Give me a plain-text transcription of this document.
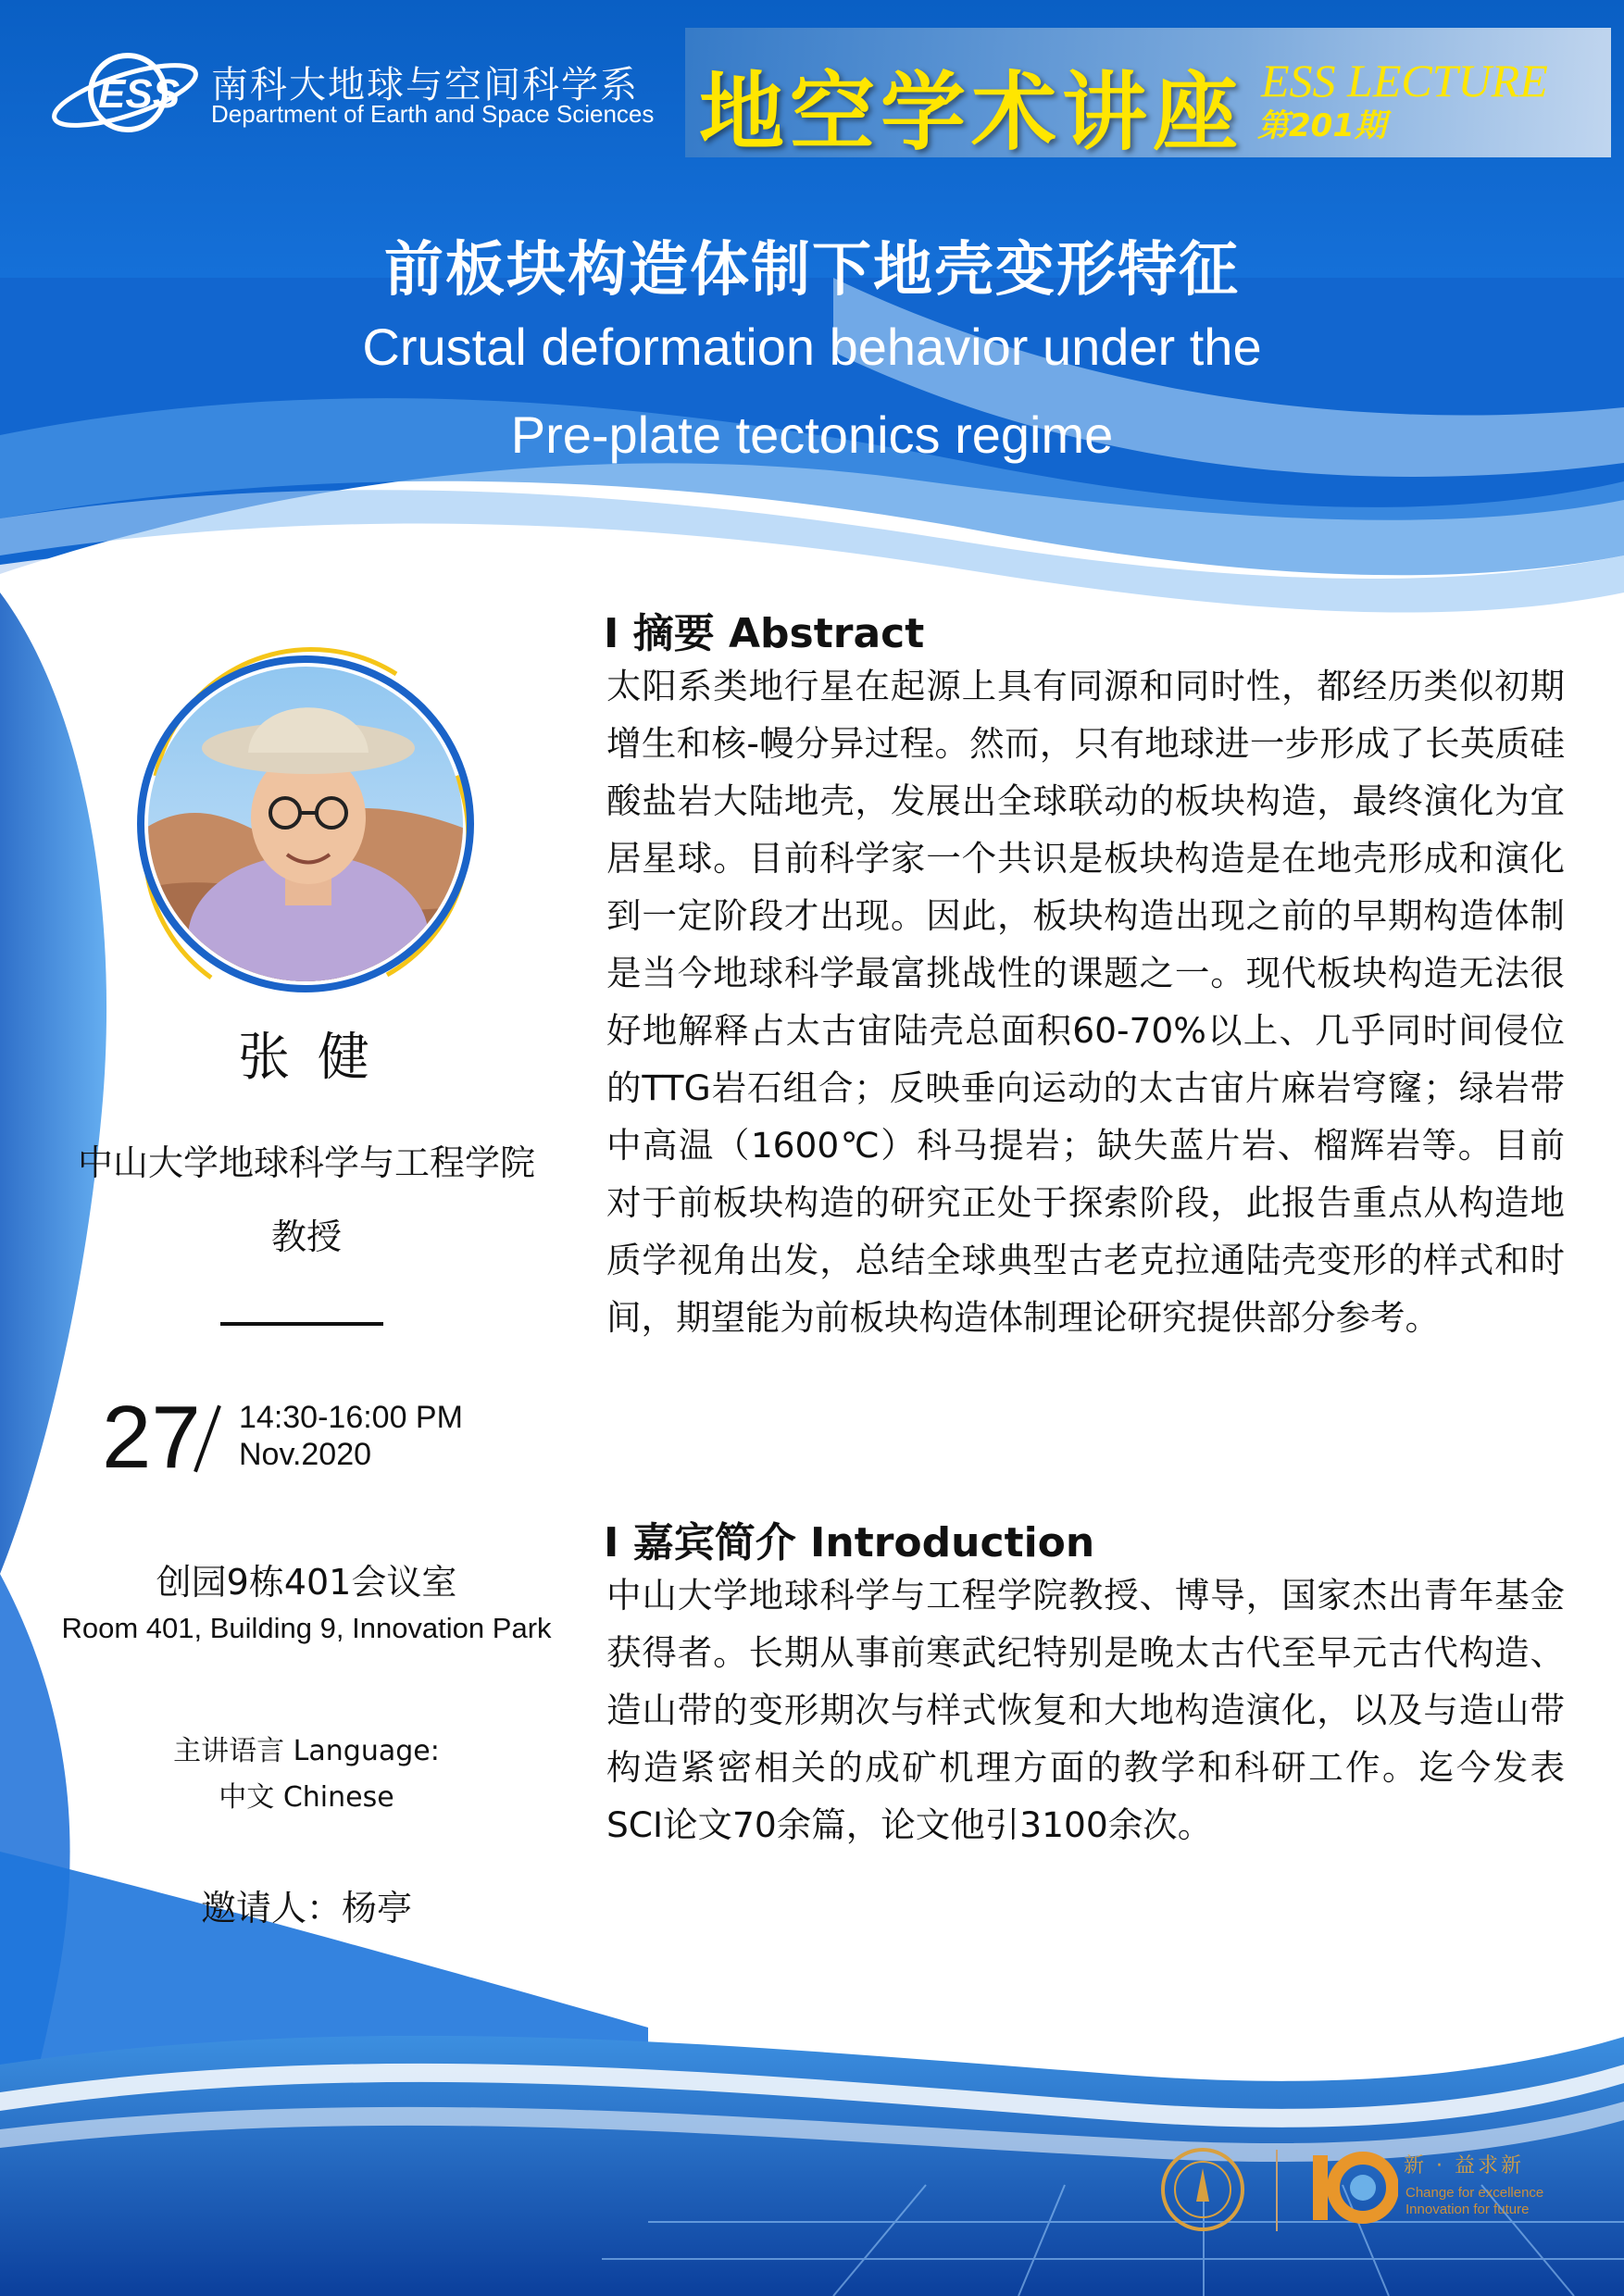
ESS 南科大地球与空间科学系
Department of Earth and Space Sciences 地空学术讲座 ESS LECTURE
第201期
前板块构造体制下地壳变形特征
Crustal deformation behavior under the
Pre-plate tectonics regime
张 健
中山大学地球科学与工程学院
教授
27 14:30-16:00 PM
Nov.2020
创园9栋401会议室
Room 401, Building 9, Innovation Park
主讲语言 Language:
中文 Chinese
邀请人：杨亭
I 摘要 Abstract
太阳系类地行星在起源上具有同源和同时性，都经历类似初期增生和核-幔分异过程。然而，只有地球进一步形成了长英质硅酸盐岩大陆地壳，发展出全球联动的板块构造，最终演化为宜居星球。目前科学家一个共识是板块构造是在地壳形成和演化到一定阶段才出现。因此，板块构造出现之前的早期构造体制是当今地球科学最富挑战性的课题之一。现代板块构造无法很好地解释占太古宙陆壳总面积60-70%以上、几乎同时间侵位的TTG岩石组合；反映垂向运动的太古宙片麻岩穹窿；绿岩带中高温（1600℃）科马提岩；缺失蓝片岩、榴辉岩等。目前对于前板块构造的研究正处于探索阶段，此报告重点从构造地质学视角出发，总结全球典型古老克拉通陆壳变形的样式和时间，期望能为前板块构造体制理论研究提供部分参考。
I 嘉宾简介 Introduction
中山大学地球科学与工程学院教授、博导，国家杰出青年基金获得者。长期从事前寒武纪特别是晚太古代至早元古代构造、造山带的变形期次与样式恢复和大地构造演化，以及与造山带构造紧密相关的成矿机理方面的教学和科研工作。迄今发表SCI论文70余篇，论文他引3100余次。
新 · 益求新
Change for excellence
Innovation for future
